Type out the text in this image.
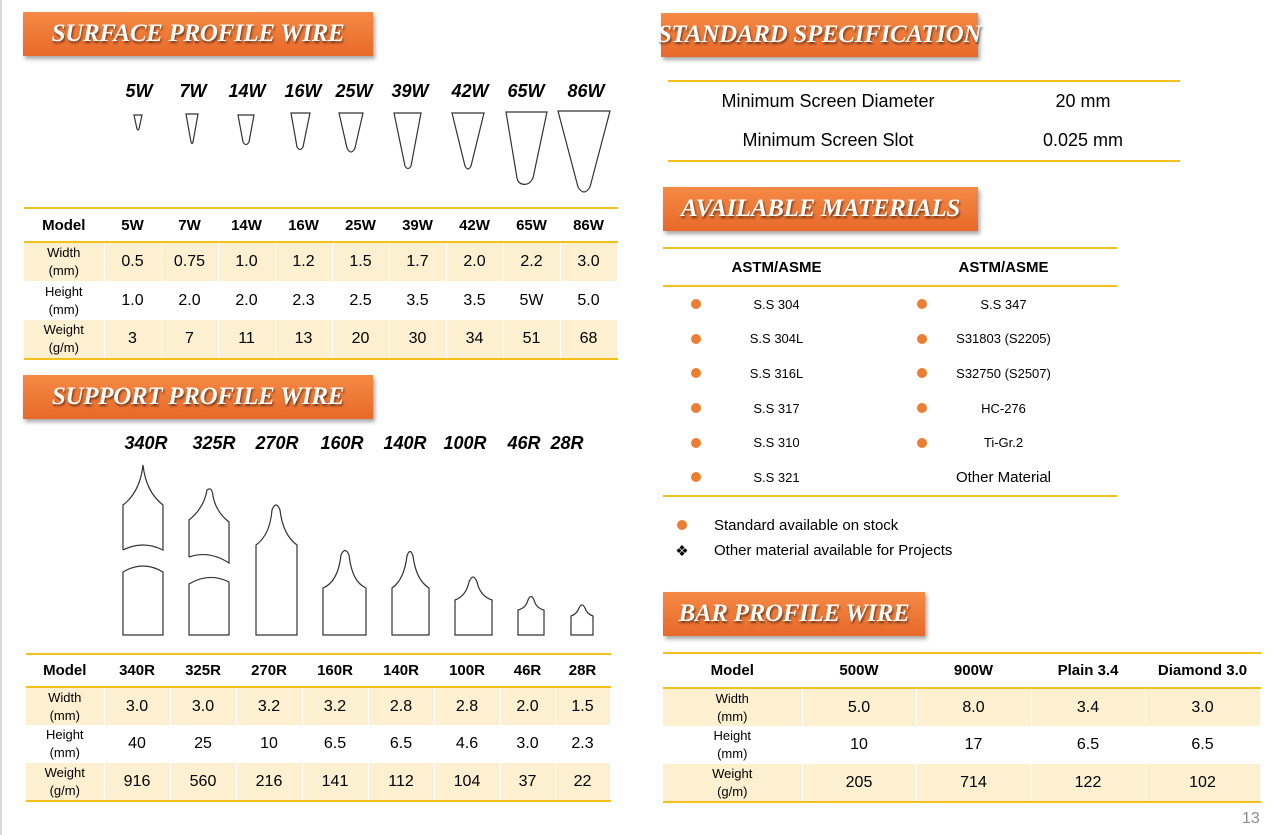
SURFACE PROFILE WIRE
5W 7W 14W 16W 25W 39W 42W 65W 86W
Model	5W	7W	14W	16W	25W	39W	42W	65W	86W
Width
(mm)	0.5	0.75	1.0	1.2	1.5	1.7	2.0	2.2	3.0
Height
(mm)	1.0	2.0	2.0	2.3	2.5	3.5	3.5	5W	5.0
Weight
(g/m)	3	7	11	13	20	30	34	51	68
SUPPORT PROFILE WIRE
340R 325R 270R 160R 140R 100R 46R 28R
Model	340R	325R	270R	160R	140R	100R	46R	28R
Width
(mm)	3.0	3.0	3.2	3.2	2.8	2.8	2.0	1.5
Height
(mm)	40	25	10	6.5	6.5	4.6	3.0	2.3
Weight
(g/m)	916	560	216	141	112	104	37	22
STANDARD SPECIFICATION
Minimum Screen Diameter	20 mm
Minimum Screen Slot	0.025 mm
AVAILABLE MATERIALS
ASTM/ASME	ASTM/ASME
S.S 304	S.S 347
S.S 304L	S31803 (S2205)
S.S 316L	S32750 (S2507)
S.S 317	HC-276
S.S 310	Ti-Gr.2
S.S 321	Other Material
Standard available on stock
❖ Other material available for Projects
BAR PROFILE WIRE
Model	500W	900W	Plain 3.4	Diamond 3.0
Width
(mm)	5.0	8.0	3.4	3.0
Height
(mm)	10	17	6.5	6.5
Weight
(g/m)	205	714	122	102
13
